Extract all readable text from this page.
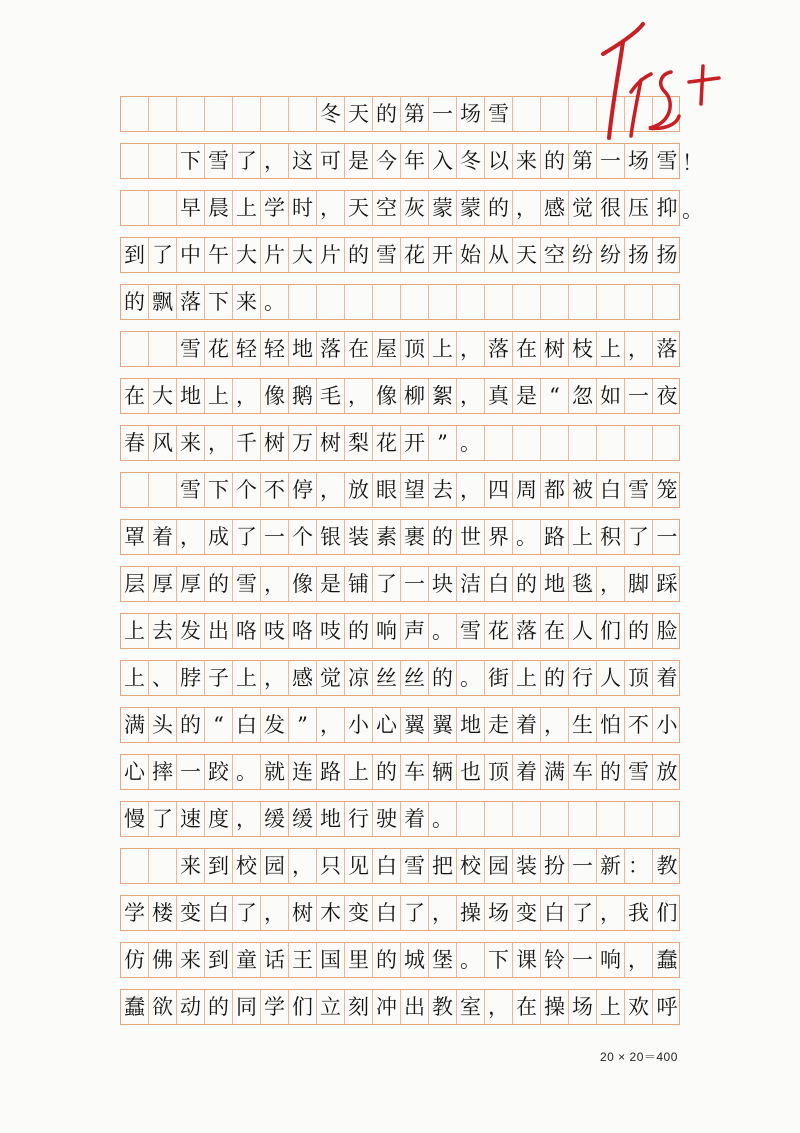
冬 天 的 第 一 场 雪
下 雪 了 ， 这 可 是 今 年 入 冬 以 来 的 第 一 场 雪
早 晨 上 学 时 ， 天 空 灰 蒙 蒙 的 ， 感 觉 很 压 抑
到 了 中 午 大 片 大 片 的 雪 花 开 始 从 天 空 纷 纷 扬 扬
的 飘 落 下 来 。
雪 花 轻 轻 地 落 在 屋 顶 上 ， 落 在 树 枝 上 ， 落
在 大 地 上 ， 像 鹅 毛 ， 像 柳 絮 ， 真 是 “ 忽 如 一 夜
春 风 来 ， 千 树 万 树 梨 花 开 ” 。
雪 下 个 不 停 ， 放 眼 望 去 ， 四 周 都 被 白 雪 笼
罩 着 ， 成 了 一 个 银 装 素 裹 的 世 界 。 路 上 积 了 一
层 厚 厚 的 雪 ， 像 是 铺 了 一 块 洁 白 的 地 毯 ， 脚 踩
上 去 发 出 咯 吱 咯 吱 的 响 声 。 雪 花 落 在 人 们 的 脸
上 、 脖 子 上 ， 感 觉 凉 丝 丝 的 。 街 上 的 行 人 顶 着
满 头 的 “ 白 发 ” ， 小 心 翼 翼 地 走 着 ， 生 怕 不 小
心 摔 一 跤 。 就 连 路 上 的 车 辆 也 顶 着 满 车 的 雪 放
慢 了 速 度 ， 缓 缓 地 行 驶 着 。
来 到 校 园 ， 只 见 白 雪 把 校 园 装 扮 一 新 ： 教
学 楼 变 白 了 ， 树 木 变 白 了 ， 操 场 变 白 了 ， 我 们
仿 佛 来 到 童 话 王 国 里 的 城 堡 。 下 课 铃 一 响 ， 蠢
蠢 欲 动 的 同 学 们 立 刻 冲 出 教 室 ， 在 操 场 上 欢 呼
20 × 20＝400
！
。
